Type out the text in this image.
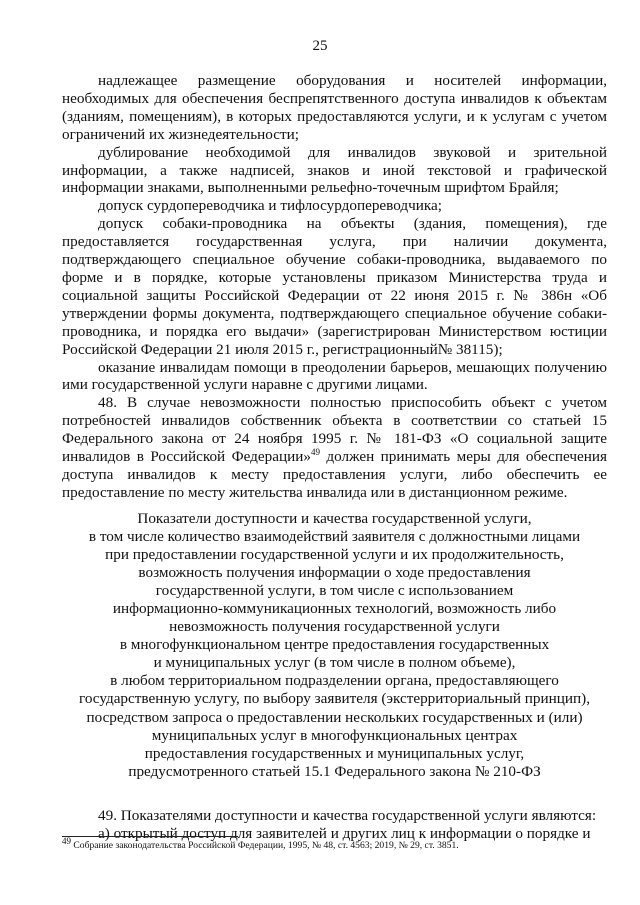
25

надлежащее размещение оборудования и носителей информации, необходимых для обеспечения беспрепятственного доступа инвалидов к объектам (зданиям, помещениям), в которых предоставляются услуги, и к услугам с учетом ограничений их жизнедеятельности;

дублирование необходимой для инвалидов звуковой и зрительной информации, а также надписей, знаков и иной текстовой и графической информации знаками, выполненными рельефно-точечным шрифтом Брайля;

допуск сурдопереводчика и тифлосурдопереводчика;

допуск собаки-проводника на объекты (здания, помещения), где предоставляется государственная услуга, при наличии документа, подтверждающего специальное обучение собаки-проводника, выдаваемого по форме и в порядке, которые установлены приказом Министерства труда и социальной защиты Российской Федерации от 22 июня 2015 г. № 386н «Об утверждении формы документа, подтверждающего специальное обучение собаки-проводника, и порядка его выдачи» (зарегистрирован Министерством юстиции Российской Федерации 21 июля 2015 г., регистрационный№ 38115);

оказание инвалидам помощи в преодолении барьеров, мешающих получению ими государственной услуги наравне с другими лицами.

48. В случае невозможности полностью приспособить объект с учетом потребностей инвалидов собственник объекта в соответствии со статьей 15 Федерального закона от 24 ноября 1995 г. № 181-ФЗ «О социальной защите инвалидов в Российской Федерации»$^{49}$ должен принимать меры для обеспечения доступа инвалидов к месту предоставления услуги, либо обеспечить ее предоставление по месту жительства инвалида или в дистанционном режиме.

Показатели доступности и качества государственной услуги,
в том числе количество взаимодействий заявителя с должностными лицами
при предоставлении государственной услуги и их продолжительность,
возможность получения информации о ходе предоставления
государственной услуги, в том числе с использованием
информационно-коммуникационных технологий, возможность либо
невозможность получения государственной услуги
в многофункциональном центре предоставления государственных
и муниципальных услуг (в том числе в полном объеме),
в любом территориальном подразделении органа, предоставляющего
государственную услугу, по выбору заявителя (экстерриториальный принцип),
посредством запроса о предоставлении нескольких государственных и (или)
муниципальных услуг в многофункциональных центрах
предоставления государственных и муниципальных услуг,
предусмотренного статьей 15.1 Федерального закона № 210-ФЗ

49. Показателями доступности и качества государственной услуги являются:

а) открытый доступ для заявителей и других лиц к информации о порядке и

$^{49}$ Собрание законодательства Российской Федерации, 1995, № 48, ст. 4563; 2019, № 29, ст. 3851.
